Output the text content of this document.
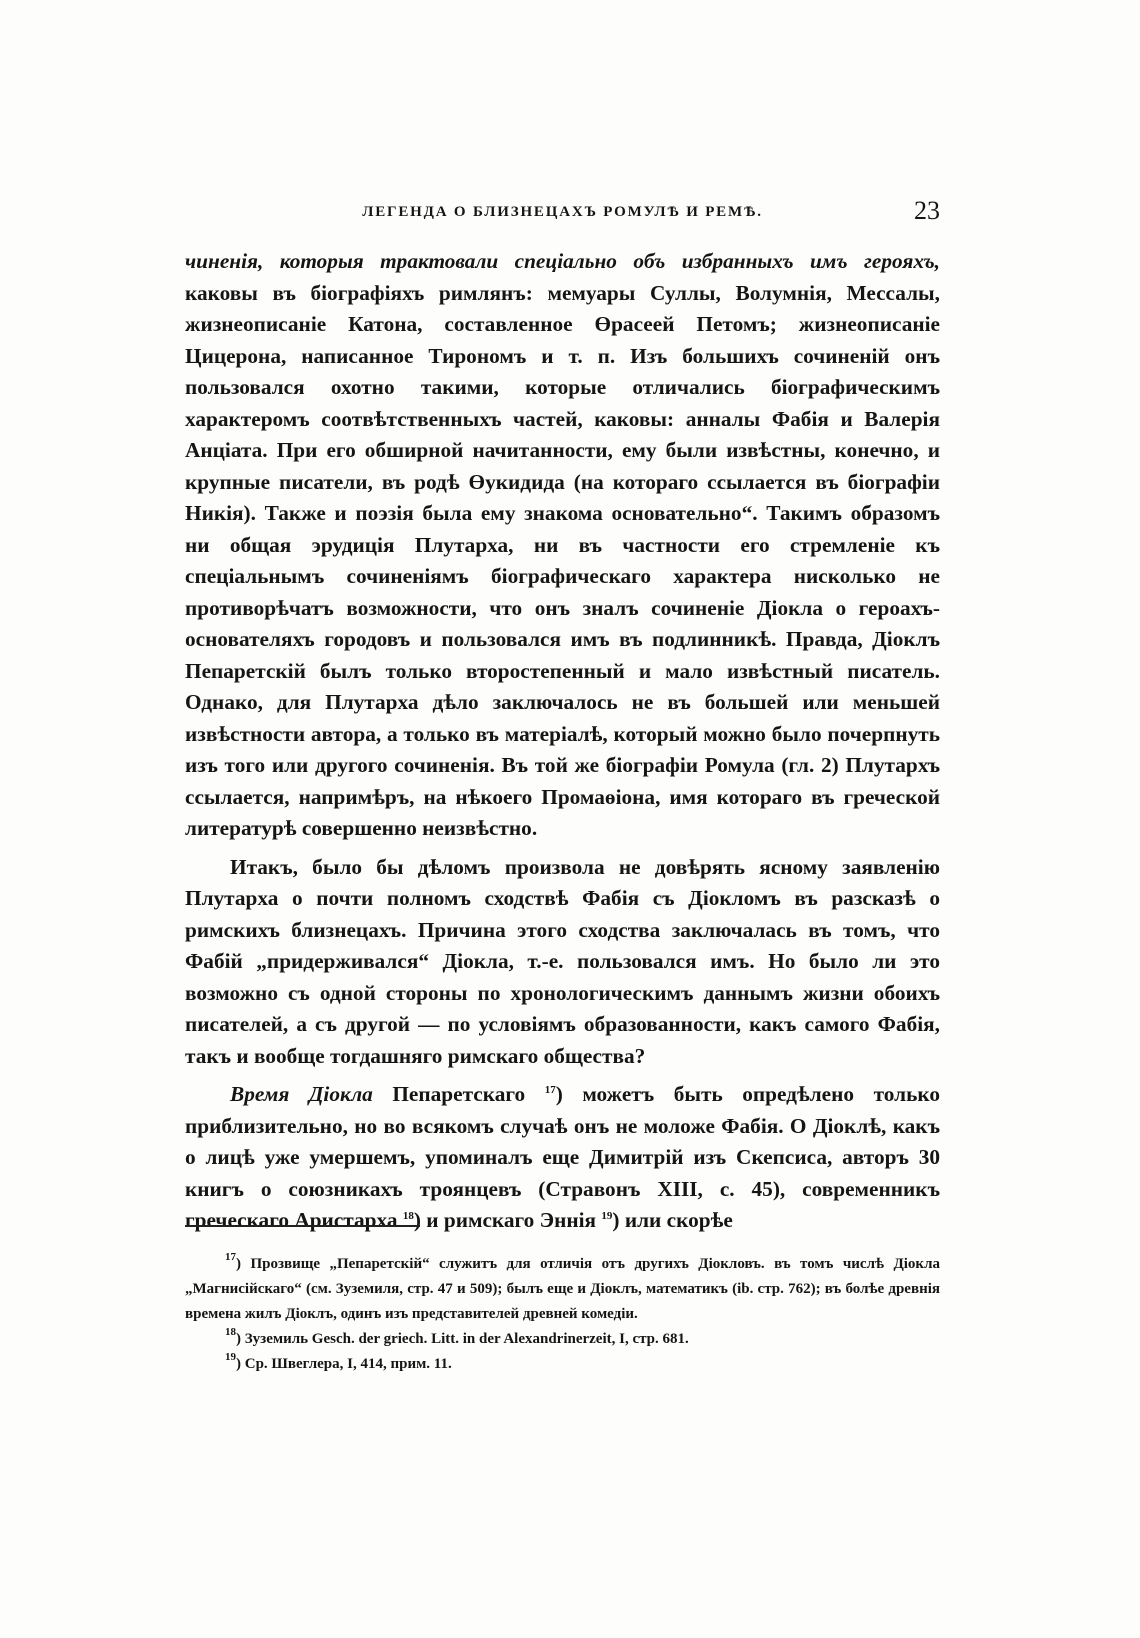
ЛЕГЕНДА О БЛИЗНЕЦАХЪ РОМУЛѢ И РЕМѢ.	23

чиненія, которыя трактовали спеціально объ избранныхъ имъ герояхъ, каковы въ біографіяхъ римлянъ: мемуары Суллы, Волумнія, Мессалы, жизнеописаніе Катона, составленное Өрасеей Петомъ; жизнеописаніе Цицерона, написанное Тирономъ и т. п. Изъ большихъ сочиненій онъ пользовался охотно такими, которые отличались біографическимъ характеромъ соотвѣтственныхъ частей, каковы: анналы Фабія и Валерія Анціата. При его обширной начитанности, ему были извѣстны, конечно, и крупные писатели, въ родѣ Өукидида (на котораго ссылается въ біографіи Никія). Также и поэзія была ему знакома основательно“. Такимъ образомъ ни общая эрудиція Плутарха, ни въ частности его стремленіе къ спеціальнымъ сочиненіямъ біографическаго характера нисколько не противорѣчатъ возможности, что онъ зналъ сочиненіе Діокла о героахъ-основателяхъ городовъ и пользовался имъ въ подлинникѣ. Правда, Діоклъ Пепаретскій былъ только второстепенный и мало извѣстный писатель. Однако, для Плутарха дѣло заключалось не въ большей или меньшей извѣстности автора, а только въ матеріалѣ, который можно было почерпнуть изъ того или другого сочиненія. Въ той же біографіи Ромула (гл. 2) Плутархъ ссылается, напримѣръ, на нѣкоего Промаөіона, имя котораго въ греческой литературѣ совершенно неизвѣстно.

Итакъ, было бы дѣломъ произвола не довѣрять ясному заявленію Плутарха о почти полномъ сходствѣ Фабія съ Діокломъ въ разсказѣ о римскихъ близнецахъ. Причина этого сходства заключалась въ томъ, что Фабій „придерживался“ Діокла, т.-е. пользовался имъ. Но было ли это возможно съ одной стороны по хронологическимъ даннымъ жизни обоихъ писателей, а съ другой — по условіямъ образованности, какъ самого Фабія, такъ и вообще тогдашняго римскаго общества?

Время Діокла Пепаретскаго $^{17}$) можетъ быть опредѣлено только приблизительно, но во всякомъ случаѣ онъ не моложе Фабія. О Діоклѣ, какъ о лицѣ уже умершемъ, упоминалъ еще Димитрій изъ Скепсиса, авторъ 30 книгъ о союзникахъ троянцевъ (Стравонъ XIII, с. 45), современникъ греческаго Аристарха $^{18}$) и римскаго Эннія $^{19}$) или скорѣе

$^{17}$) Прозвище „Пепаретскій“ служитъ для отличія отъ другихъ Діокловъ. въ томъ числѣ Діокла „Магнисійскаго“ (см. Зуземиля, стр. 47 и 509); былъ еще и Діоклъ, математикъ (ib. стр. 762); въ болѣе древнія времена жилъ Діоклъ, одинъ изъ представителей древней комедіи.

$^{18}$) Зуземиль Gesch. der griech. Litt. in der Alexandrinerzeit, I, стр. 681.

$^{19}$) Ср. Швеглера, I, 414, прим. 11.
